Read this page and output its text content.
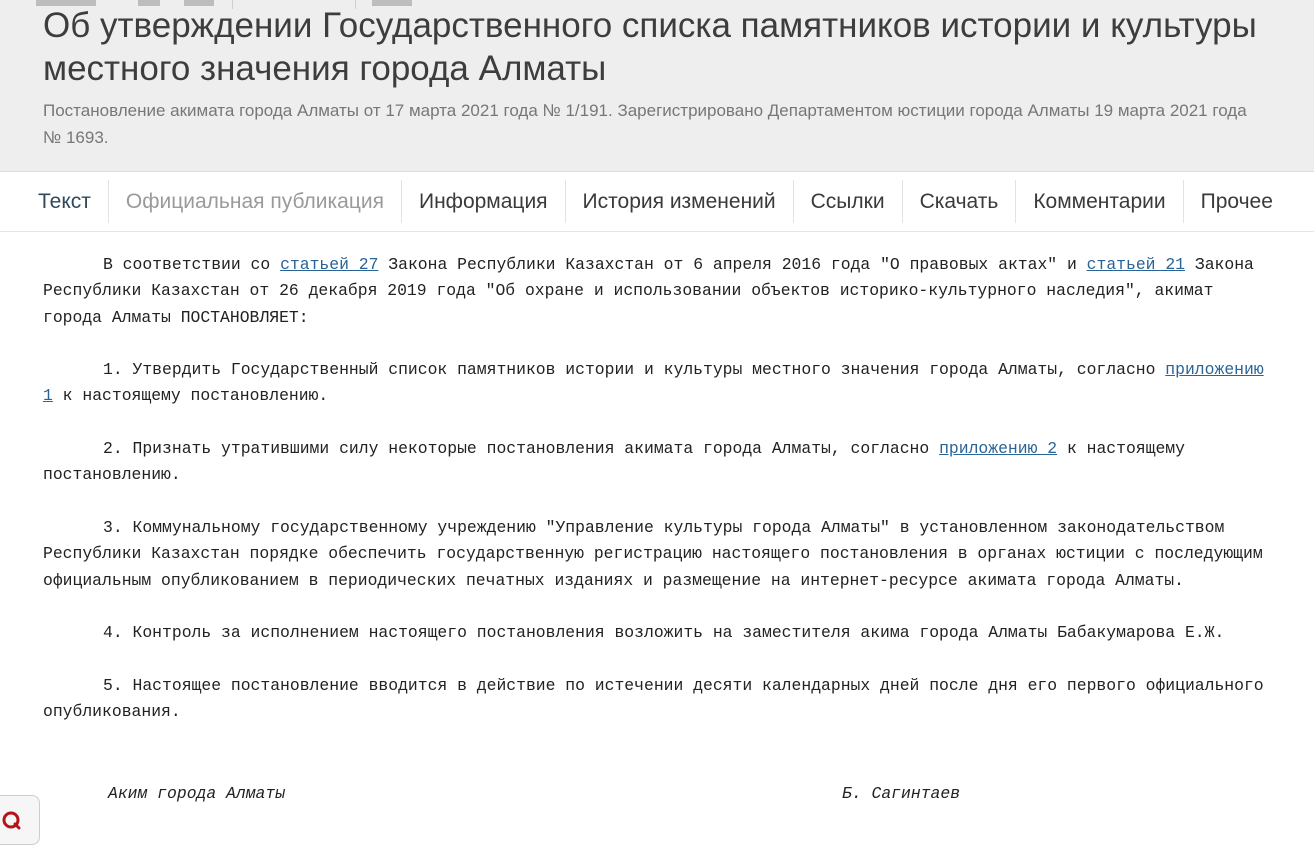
Об утверждении Государственного списка памятников истории и культуры местного значения города Алматы

Постановление акимата города Алматы от 17 марта 2021 года № 1/191. Зарегистрировано Департаментом юстиции города Алматы 19 марта 2021 года № 1693.

Текст	Официальная публикация	Информация	История изменений	Ссылки	Скачать	Комментарии	Прочее

В соответствии со статьей 27 Закона Республики Казахстан от 6 апреля 2016 года "О правовых актах" и статьей 21 Закона Республики Казахстан от 26 декабря 2019 года "Об охране и использовании объектов историко-культурного наследия", акимат города Алматы ПОСТАНОВЛЯЕТ:

1. Утвердить Государственный список памятников истории и культуры местного значения города Алматы, согласно приложению 1 к настоящему постановлению.

2. Признать утратившими силу некоторые постановления акимата города Алматы, согласно приложению 2 к настоящему постановлению.

3. Коммунальному государственному учреждению "Управление культуры города Алматы" в установленном законодательством Республики Казахстан порядке обеспечить государственную регистрацию настоящего постановления в органах юстиции с последующим официальным опубликованием в периодических печатных изданиях и размещение на интернет-ресурсе акимата города Алматы.

4. Контроль за исполнением настоящего постановления возложить на заместителя акима города Алматы Бабакумарова Е.Ж.

5. Настоящее постановление вводится в действие по истечении десяти календарных дней после дня его первого официального опубликования.

Аким города Алматы	Б. Сагинтаев
